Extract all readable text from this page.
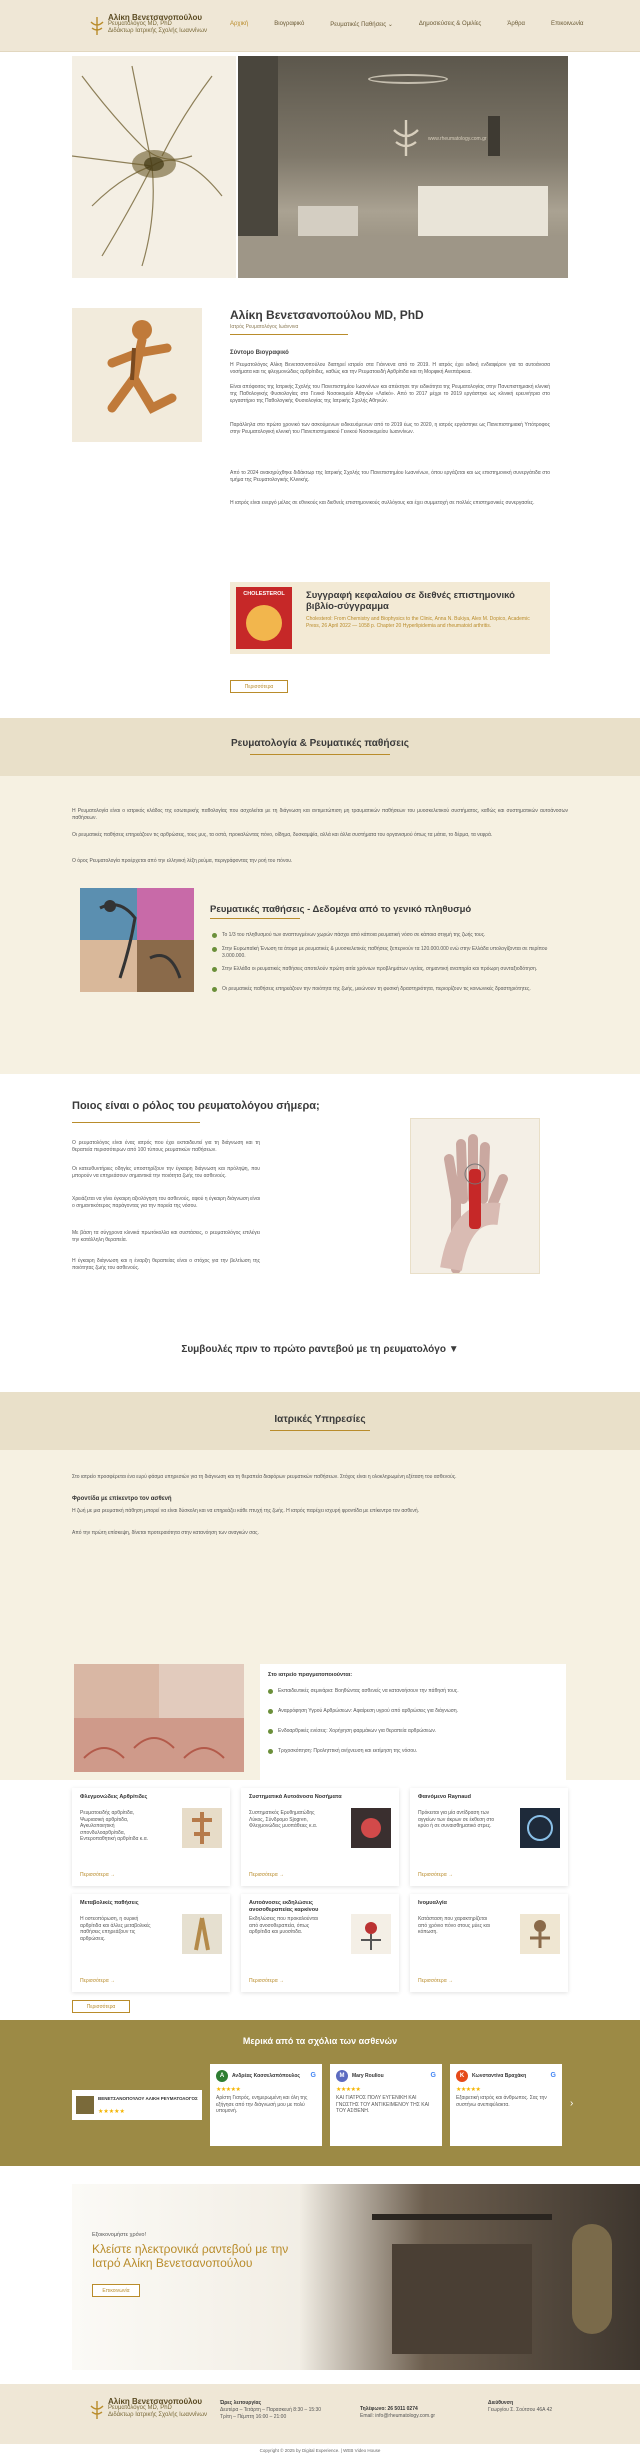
Αλίκη Βενετσανοπούλου
Ρευματολόγος MD, PhD
Διδάκτωρ Ιατρικής Σχολής Ιωαννίνων
Αρχική	Βιογραφικό	Ρευματικές Παθήσεις ⌄	Δημοσιεύσεις & Ομιλίες	Άρθρα	Επικοινωνία
www.rheumatology.com.gr
Αλίκη Βενετσανοπούλου MD, PhD
Ιατρός Ρευματολόγος Ιωάννινα
Σύντομο Βιογραφικό
Η Ρευματολόγος Αλίκη Βενετσανοπούλου διατηρεί ιατρείο στα Γιάννενα από το 2019. Η ιατρός έχει ειδική ενδιαφέρον για τα αυτοάνοσα νοσήματα και τις φλεγμονώδεις αρθρίτιδες, καθώς και την Ρευματοειδή Αρθρίτιδα και τη Μορφική Ανεπάρκεια.
Είναι απόφοιτος της Ιατρικής Σχολής του Πανεπιστημίου Ιωαννίνων και απέκτησε την ειδικότητα της Ρευματολογίας στην Πανεπιστημιακή κλινική της Παθολογικής Φυσιολογίας στο Γενικό Νοσοκομείο Αθηνών «Λαϊκό». Από το 2017 μέχρι το 2019 εργάστηκε ως κλινική ερευνήτρια στο εργαστήριο της Παθολογικής Φυσιολογίας της Ιατρικής Σχολής Αθηνών.
Παράλληλα στο πρώτο χρονικό των ασκούμενων ειδικευόμενων από το 2019 έως το 2020, η ιατρός εργάστηκε ως Πανεπιστημιακή Υπότροφος στην Ρευματολογική κλινική του Πανεπιστημιακού Γενικού Νοσοκομείου Ιωαννίνων.
Από το 2024 ανακηρύχθηκε διδάκτωρ της Ιατρικής Σχολής του Πανεπιστημίου Ιωαννίνων, όπου εργάζεται και ως επιστημονική συνεργάτιδα στο τμήμα της Ρευματολογικής Κλινικής.
Η ιατρός είναι ενεργό μέλος σε εθνικούς και διεθνείς επιστημονικούς συλλόγους και έχει συμμετοχή σε πολλές επιστημονικές συνεργασίες.
CHOLESTEROL	Συγγραφή κεφαλαίου σε διεθνές επιστημονικό βιβλίο-σύγγραμμα
Cholesterol: From Chemistry and Biophysics to the Clinic, Anna N. Bukiya, Alex M. Dopico, Academic Press, 26 April 2022 — 1058 p. Chapter 20 Hyperlipidemia and rheumatoid arthritis.
Περισσότερα
Ρευματολογία & Ρευματικές παθήσεις
Η Ρευματολογία είναι ο ιατρικός κλάδος της εσωτερικής παθολογίας που ασχολείται με τη διάγνωση και αντιμετώπιση μη τραυματικών παθήσεων του μυοσκελετικού συστήματος, καθώς και συστηματικών αυτοάνοσων παθήσεων.
Οι ρευματικές παθήσεις επηρεάζουν τις αρθρώσεις, τους μυς, τα οστά, προκαλώντας πόνο, οίδημα, δυσκαμψία, αλλά και άλλα συστήματα του οργανισμού όπως τα μάτια, το δέρμα, τα νεφρά.
Ο όρος Ρευματολογία προέρχεται από την ελληνική λέξη ρεύμα, περιγράφοντας την ροή του πόνου.
Ρευματικές παθήσεις - Δεδομένα από το γενικό πληθυσμό
Το 1/3 του πληθυσμού των αναπτυγμένων χωρών πάσχει από κάποια ρευματική νόσο σε κάποια στιγμή της ζωής τους.
Στην Ευρωπαϊκή Ένωση τα άτομα με ρευματικές & μυοσκελετικές παθήσεις ξεπερνούν τα 120.000.000 ενώ στην Ελλάδα υπολογίζονται σε περίπου 3.000.000.
Στην Ελλάδα οι ρευματικές παθήσεις αποτελούν πρώτη αιτία χρόνιων προβλημάτων υγείας, σημαντική αναπηρία και πρόωρη συνταξιοδότηση.
Οι ρευματικές παθήσεις επηρεάζουν την ποιότητα της ζωής, μειώνουν τη φυσική δραστηριότητα, περιορίζουν τις κοινωνικές δραστηριότητες.
Ποιος είναι ο ρόλος του ρευματολόγου σήμερα;
Ο ρευματολόγος είναι ένας ιατρός που έχει εκπαιδευτεί για τη διάγνωση και τη θεραπεία περισσότερων από 100 τύπους ρευματικών παθήσεων.
Οι κατευθυντήριες οδηγίες υποστηρίζουν την έγκαιρη διάγνωση και πρόληψη, που μπορούν να επηρεάσουν σημαντικά την ποιότητα ζωής του ασθενούς.
Χρειάζεται να γίνει έγκαιρη αξιολόγηση του ασθενούς, αφού η έγκαιρη διάγνωση είναι ο σημαντικότερος παράγοντας για την πορεία της νόσου.
Με βάση τα σύγχρονα κλινικά πρωτόκολλα και συστάσεις, ο ρευματολόγος επιλέγει την κατάλληλη θεραπεία.
Η έγκαιρη διάγνωση και η έναρξη θεραπείας είναι ο στόχος για την βελτίωση της ποιότητας ζωής του ασθενούς.
Συμβουλές πριν το πρώτο ραντεβού με τη ρευματολόγο ▼
Ιατρικές Υπηρεσίες
Στο ιατρείο προσφέρεται ένα ευρύ φάσμα υπηρεσιών για τη διάγνωση και τη θεραπεία διαφόρων ρευματικών παθήσεων. Στόχος είναι η ολοκληρωμένη εξέταση του ασθενούς.
Φροντίδα με επίκεντρο τον ασθενή
Η ζωή με μια ρευματική πάθηση μπορεί να είναι δύσκολη και να επηρεάζει κάθε πτυχή της ζωής. Η ιατρός παρέχει ισχυρή φροντίδα με επίκεντρο τον ασθενή.
Από την πρώτη επίσκεψη, δίνεται προτεραιότητα στην κατανόηση των αναγκών σας.
Στο ιατρείο πραγματοποιούνται:
Εκπαιδευτικές σεμινάρια: Βοηθώντας ασθενείς να κατανοήσουν την πάθησή τους.
Αναρρόφηση Υγρού Αρθρώσεων: Αφαίρεση υγρού από αρθρώσεις για διάγνωση.
Ενδοαρθρικές ενέσεις: Χορήγηση φαρμάκων για θεραπεία αρθρώσεων.
Τριχοσκόπηση: Προληπτική ανίχνευση και εκτίμηση της νόσου.
Φλεγμονώδεις Αρθρίτιδες
Ρευματοειδής αρθρίτιδα, Ψωριασική αρθρίτιδα, Αγκυλοποιητική σπονδυλοαρθρίτιδα, Εντεροπαθητική αρθρίτιδα κ.α.
Περισσότερα →
Συστηματικά Αυτοάνοσα Νοσήματα
Συστηματικός Ερυθηματώδης Λύκος, Σύνδρομο Sjogren, Φλεγμονώδεις μυοπάθειες κ.α.
Περισσότερα →
Φαινόμενο Raynaud
Πρόκειται για μία αντίδραση των αγγείων των άκρων σε έκθεση στο κρύο ή σε συναισθηματικό στρες.
Περισσότερα →
Μεταβολικές παθήσεις
Η οστεοπόρωση, η ουρική αρθρίτιδα και άλλες μεταβολικές παθήσεις επηρεάζουν τις αρθρώσεις.
Περισσότερα →
Αυτοάνοσες εκδηλώσεις ανοσοθεραπείας καρκίνου
Εκδηλώσεις που προκαλούνται από ανοσοθεραπεία, όπως αρθρίτιδα και μυοσίτιδα.
Περισσότερα →
Ινομυαλγία
Κατάσταση που χαρακτηρίζεται από χρόνιο πόνο στους μύες και κόπωση.
Περισσότερα →
Περισσότερα
Μερικά από τα σχόλια των ασθενών
ΒΕΝΕΤΣΑΝΟΠΟΥΛΟΥ ΑΛΙΚΗ ΡΕΥΜΑΤΟΛΟΓΟΣ
★★★★★
A	Ανδρέας Κασσελαπόπουλος	G
★★★★★
Αρίστη Γιατρός, ενημερωμένη και όλη της εξήγησε από την διάγνωσή μου με πολύ υπομονή.
M	Mary Rouliou	G
★★★★★
ΚΑΙ ΓΙΑΤΡΟΣ ΠΟΛΥ ΕΥΓΕΝΙΚΗ ΚΑΙ ΓΝΩΣΤΗΣ ΤΟΥ ΑΝΤΙΚΕΙΜΕΝΟΥ ΤΗΣ ΚΑΙ ΤΟΥ ΑΣΘΕΝΗ.
Κ	Κωνσταντίνα Βραχάκη	G
★★★★★
Εξαιρετική ιατρός και άνθρωπος. Σας την συστήνω ανεπιφύλακτα.	›
Εξοικονομήστε χρόνο!
Κλείστε ηλεκτρονικά ραντεβού με την Ιατρό Αλίκη Βενετσανοπούλου
Επικοινωνία
Αλίκη Βενετσανοπούλου
Ρευματολόγος MD, PhD
Διδάκτωρ Ιατρικής Σχολής Ιωαννίνων
Ώρες λειτουργίας
Δευτέρα – Τετάρτη – Παρασκευή 8:30 – 15:30
Τρίτη – Πέμπτη 16:00 – 21:00
Τηλέφωνο: 26 5011 0274
Email: info@rheumatology.com.gr
Διεύθυνση
Γεωργίου Σ. Σούτσου 46Α 42
Copyright © 2025 by Digital Experience. | WEB Video House
